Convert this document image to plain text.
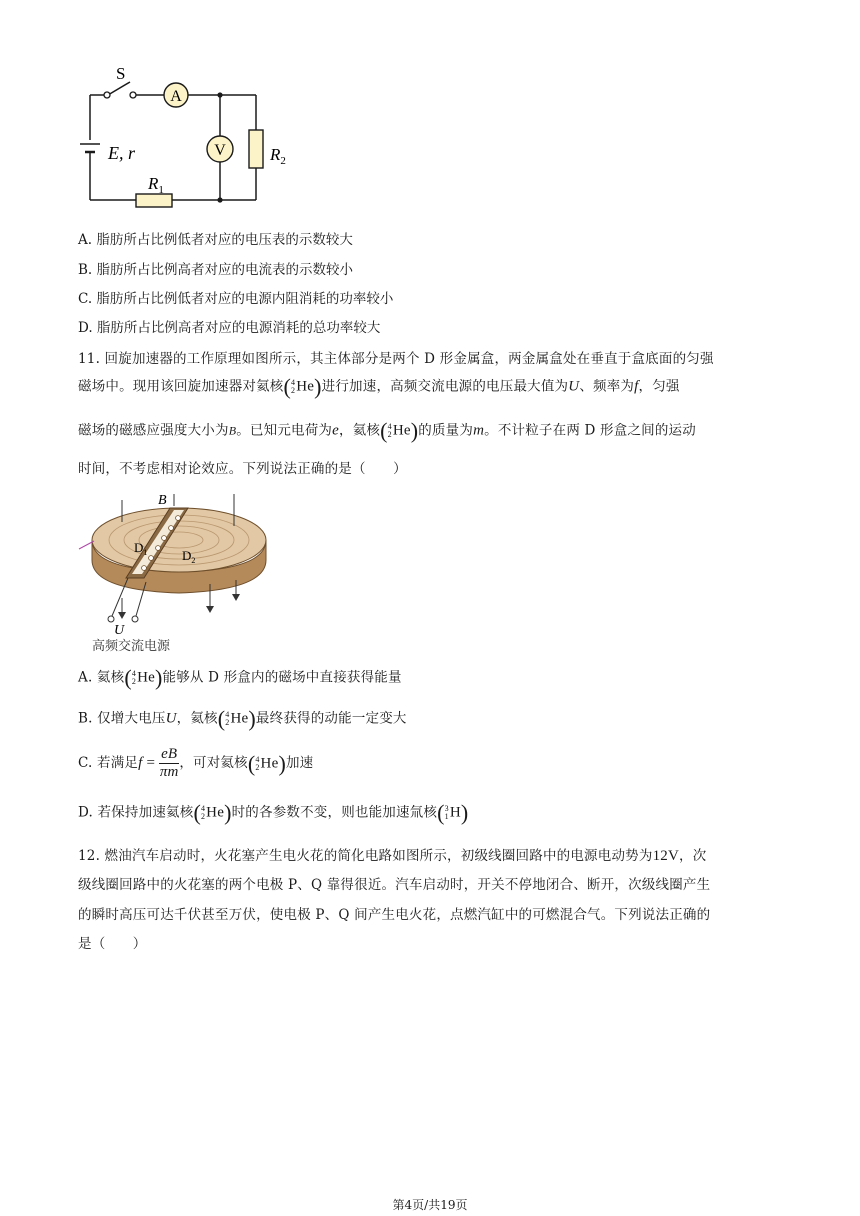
A
V	$R_2$
$R_1$
S
E, r
A. 脂肪所占比例低者对应的电压表的示数较大
B. 脂肪所占比例高者对应的电流表的示数较小
C. 脂肪所占比例低者对应的电源内阻消耗的功率较小
D. 脂肪所占比例高者对应的电源消耗的总功率较大
11. 回旋加速器的工作原理如图所示，其主体部分是两个 D 形金属盒，两金属盒处在垂直于盒底面的匀强
磁场中。现用该回旋加速器对氦核(4
2He)进行加速，高频交流电源的电压最大值为U、频率为f，匀强
磁场的磁感应强度大小为B。已知元电荷为e，氦核(4
2He)的质量为m。不计粒子在两 D 形盒之间的运动
时间，不考虑相对论效应。下列说法正确的是（　　）
B
$D_1$	$D_2$
U
高频交流电源
A. 氦核(4
2He)能够从 D 形盒内的磁场中直接获得能量
B. 仅增大电压U，氦核(4
2He)最终获得的动能一定变大
C. 若满足$f = \frac{eB}{\pi m}$ ，可对氦核(4
2He)加速
D. 若保持加速氦核(4
2He)时的各参数不变，则也能加速氚核(3
1H)
12. 燃油汽车启动时，火花塞产生电火花的简化电路如图所示，初级线圈回路中的电源电动势为12V，次
级线圈回路中的火花塞的两个电极 P、Q 靠得很近。汽车启动时，开关不停地闭合、断开，次级线圈产生
的瞬时高压可达千伏甚至万伏，使电极 P、Q 间产生电火花，点燃汽缸中的可燃混合气。下列说法正确的
是（　　）
第4页/共19页
